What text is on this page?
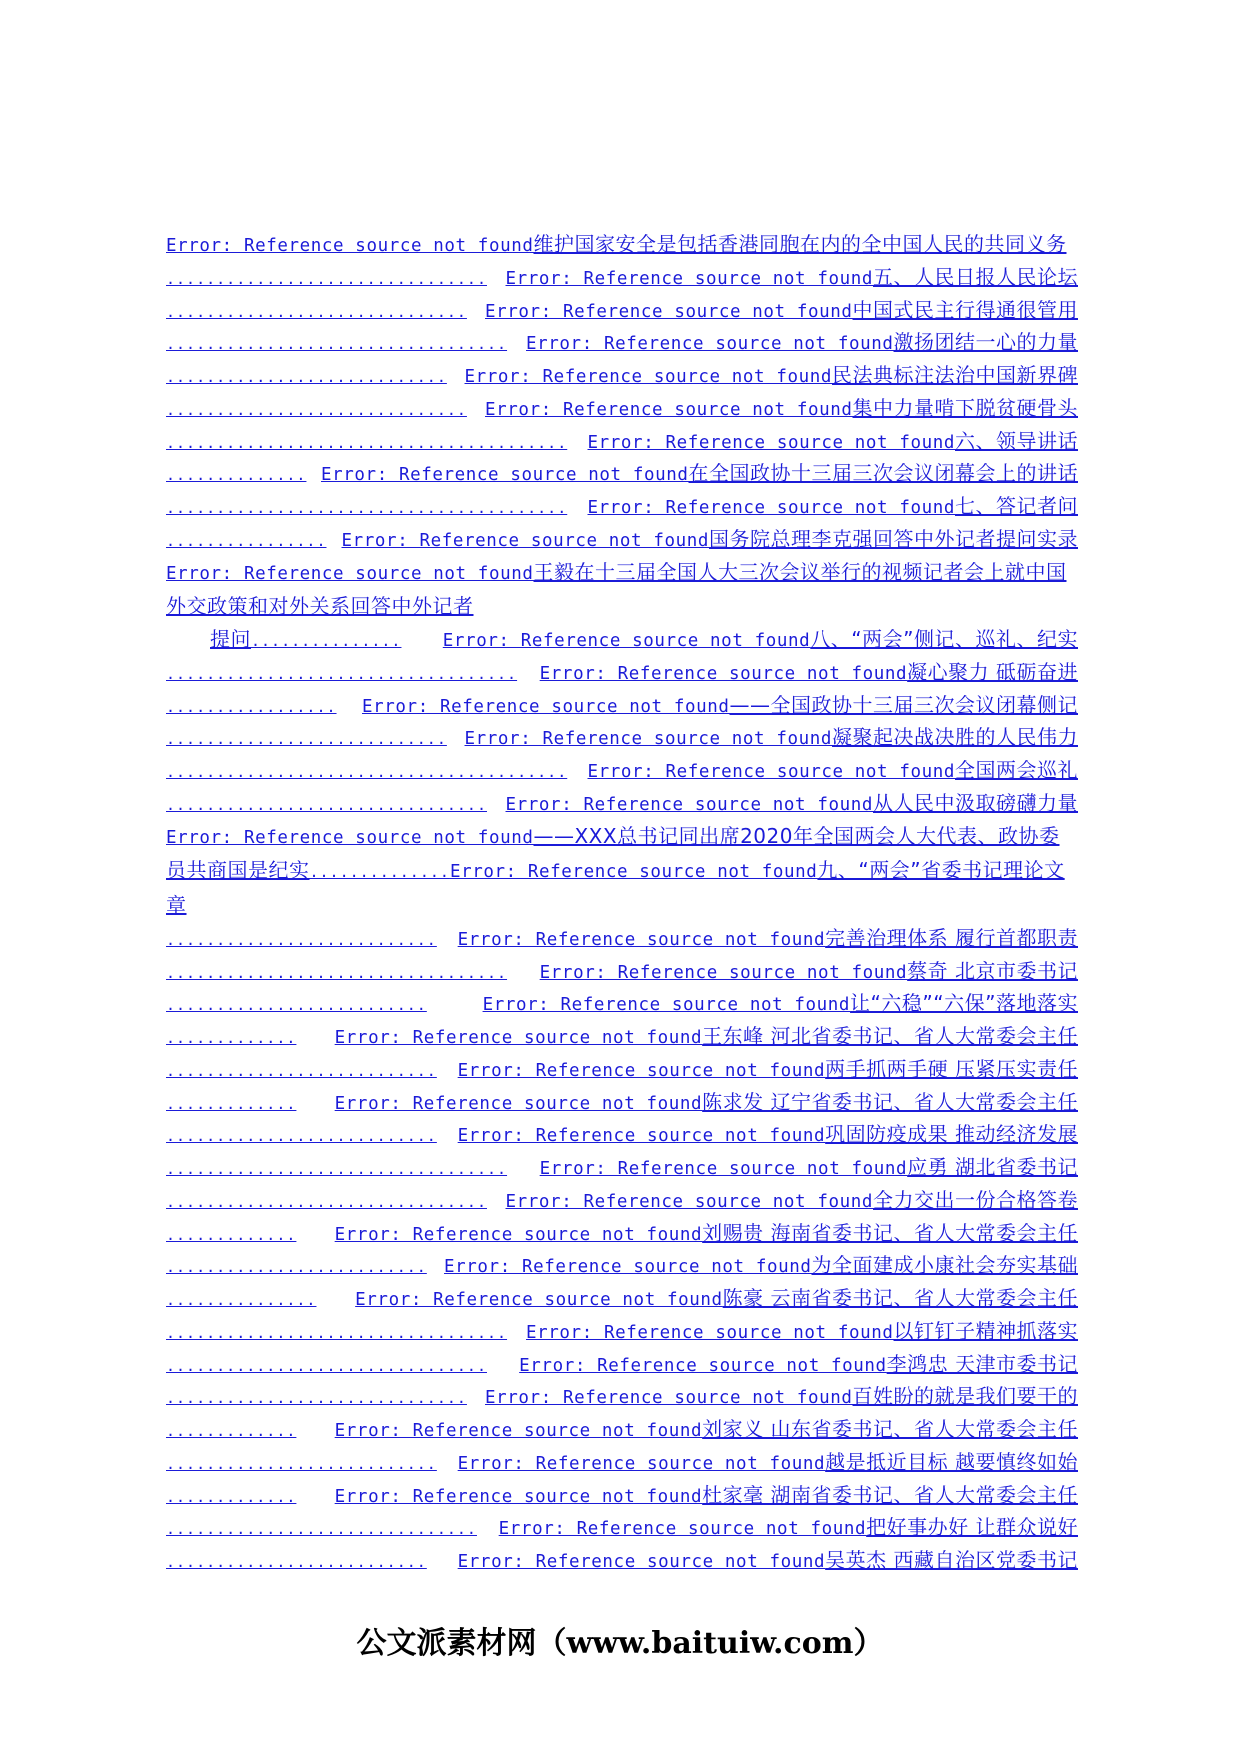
Error: Reference source not found 维护国家安全是包括香港同胞在内的全中国人民的共同义务
................................	Error: Reference source not found 五、人民日报人民论坛
..............................	Error: Reference source not found 中国式民主行得通很管用
..................................	Error: Reference source not found 激扬团结一心的力量
............................	Error: Reference source not found 民法典标注法治中国新界碑
..............................	Error: Reference source not found 集中力量啃下脱贫硬骨头
........................................	Error: Reference source not found 六、领导讲话
.............. Error: Reference source not found 在全国政协十三届三次会议闭幕会上的讲话
........................................	Error: Reference source not found 七、答记者问
................ Error: Reference source not found 国务院总理李克强回答中外记者提问实录
Error: Reference source not found王毅在十三届全国人大三次会议举行的视频记者会上就中国外交政策和对外关系回答中外记者
提问 ...............	Error: Reference source not found 八、“两会”侧记、巡礼、纪实
...................................	Error: Reference source not found 凝心聚力 砥砺奋进
.................	Error: Reference source not found ——全国政协十三届三次会议闭幕侧记
............................	Error: Reference source not found 凝聚起决战决胜的人民伟力
........................................	Error: Reference source not found 全国两会巡礼
................................	Error: Reference source not found 从人民中汲取磅礴力量
Error: Reference source not found——XXX总书记同出席2020年全国两会人大代表、政协委员共商国是纪实..............Error: Reference source not found九、“两会”省委书记理论文章
...........................	Error: Reference source not found 完善治理体系 履行首都职责
..................................	Error: Reference source not found 蔡奇 北京市委书记
..........................	Error: Reference source not found 让“六稳”“六保”落地落实
.............	Error: Reference source not found 王东峰 河北省委书记、省人大常委会主任
...........................	Error: Reference source not found 两手抓两手硬 压紧压实责任
.............	Error: Reference source not found 陈求发 辽宁省委书记、省人大常委会主任
...........................	Error: Reference source not found 巩固防疫成果 推动经济发展
..................................	Error: Reference source not found 应勇 湖北省委书记
................................	Error: Reference source not found 全力交出一份合格答卷
.............	Error: Reference source not found 刘赐贵 海南省委书记、省人大常委会主任
.......................... Error: Reference source not found 为全面建成小康社会夯实基础
...............	Error: Reference source not found 陈豪 云南省委书记、省人大常委会主任
..................................	Error: Reference source not found 以钉钉子精神抓落实
................................	Error: Reference source not found 李鸿忠 天津市委书记
..............................	Error: Reference source not found 百姓盼的就是我们要干的
.............	Error: Reference source not found 刘家义 山东省委书记、省人大常委会主任
...........................	Error: Reference source not found 越是抵近目标 越要慎终如始
.............	Error: Reference source not found 杜家毫 湖南省委书记、省人大常委会主任
...............................	Error: Reference source not found 把好事办好 让群众说好
..........................	Error: Reference source not found 吴英杰 西藏自治区党委书记
公文派素材网（www.baituiw.com）
